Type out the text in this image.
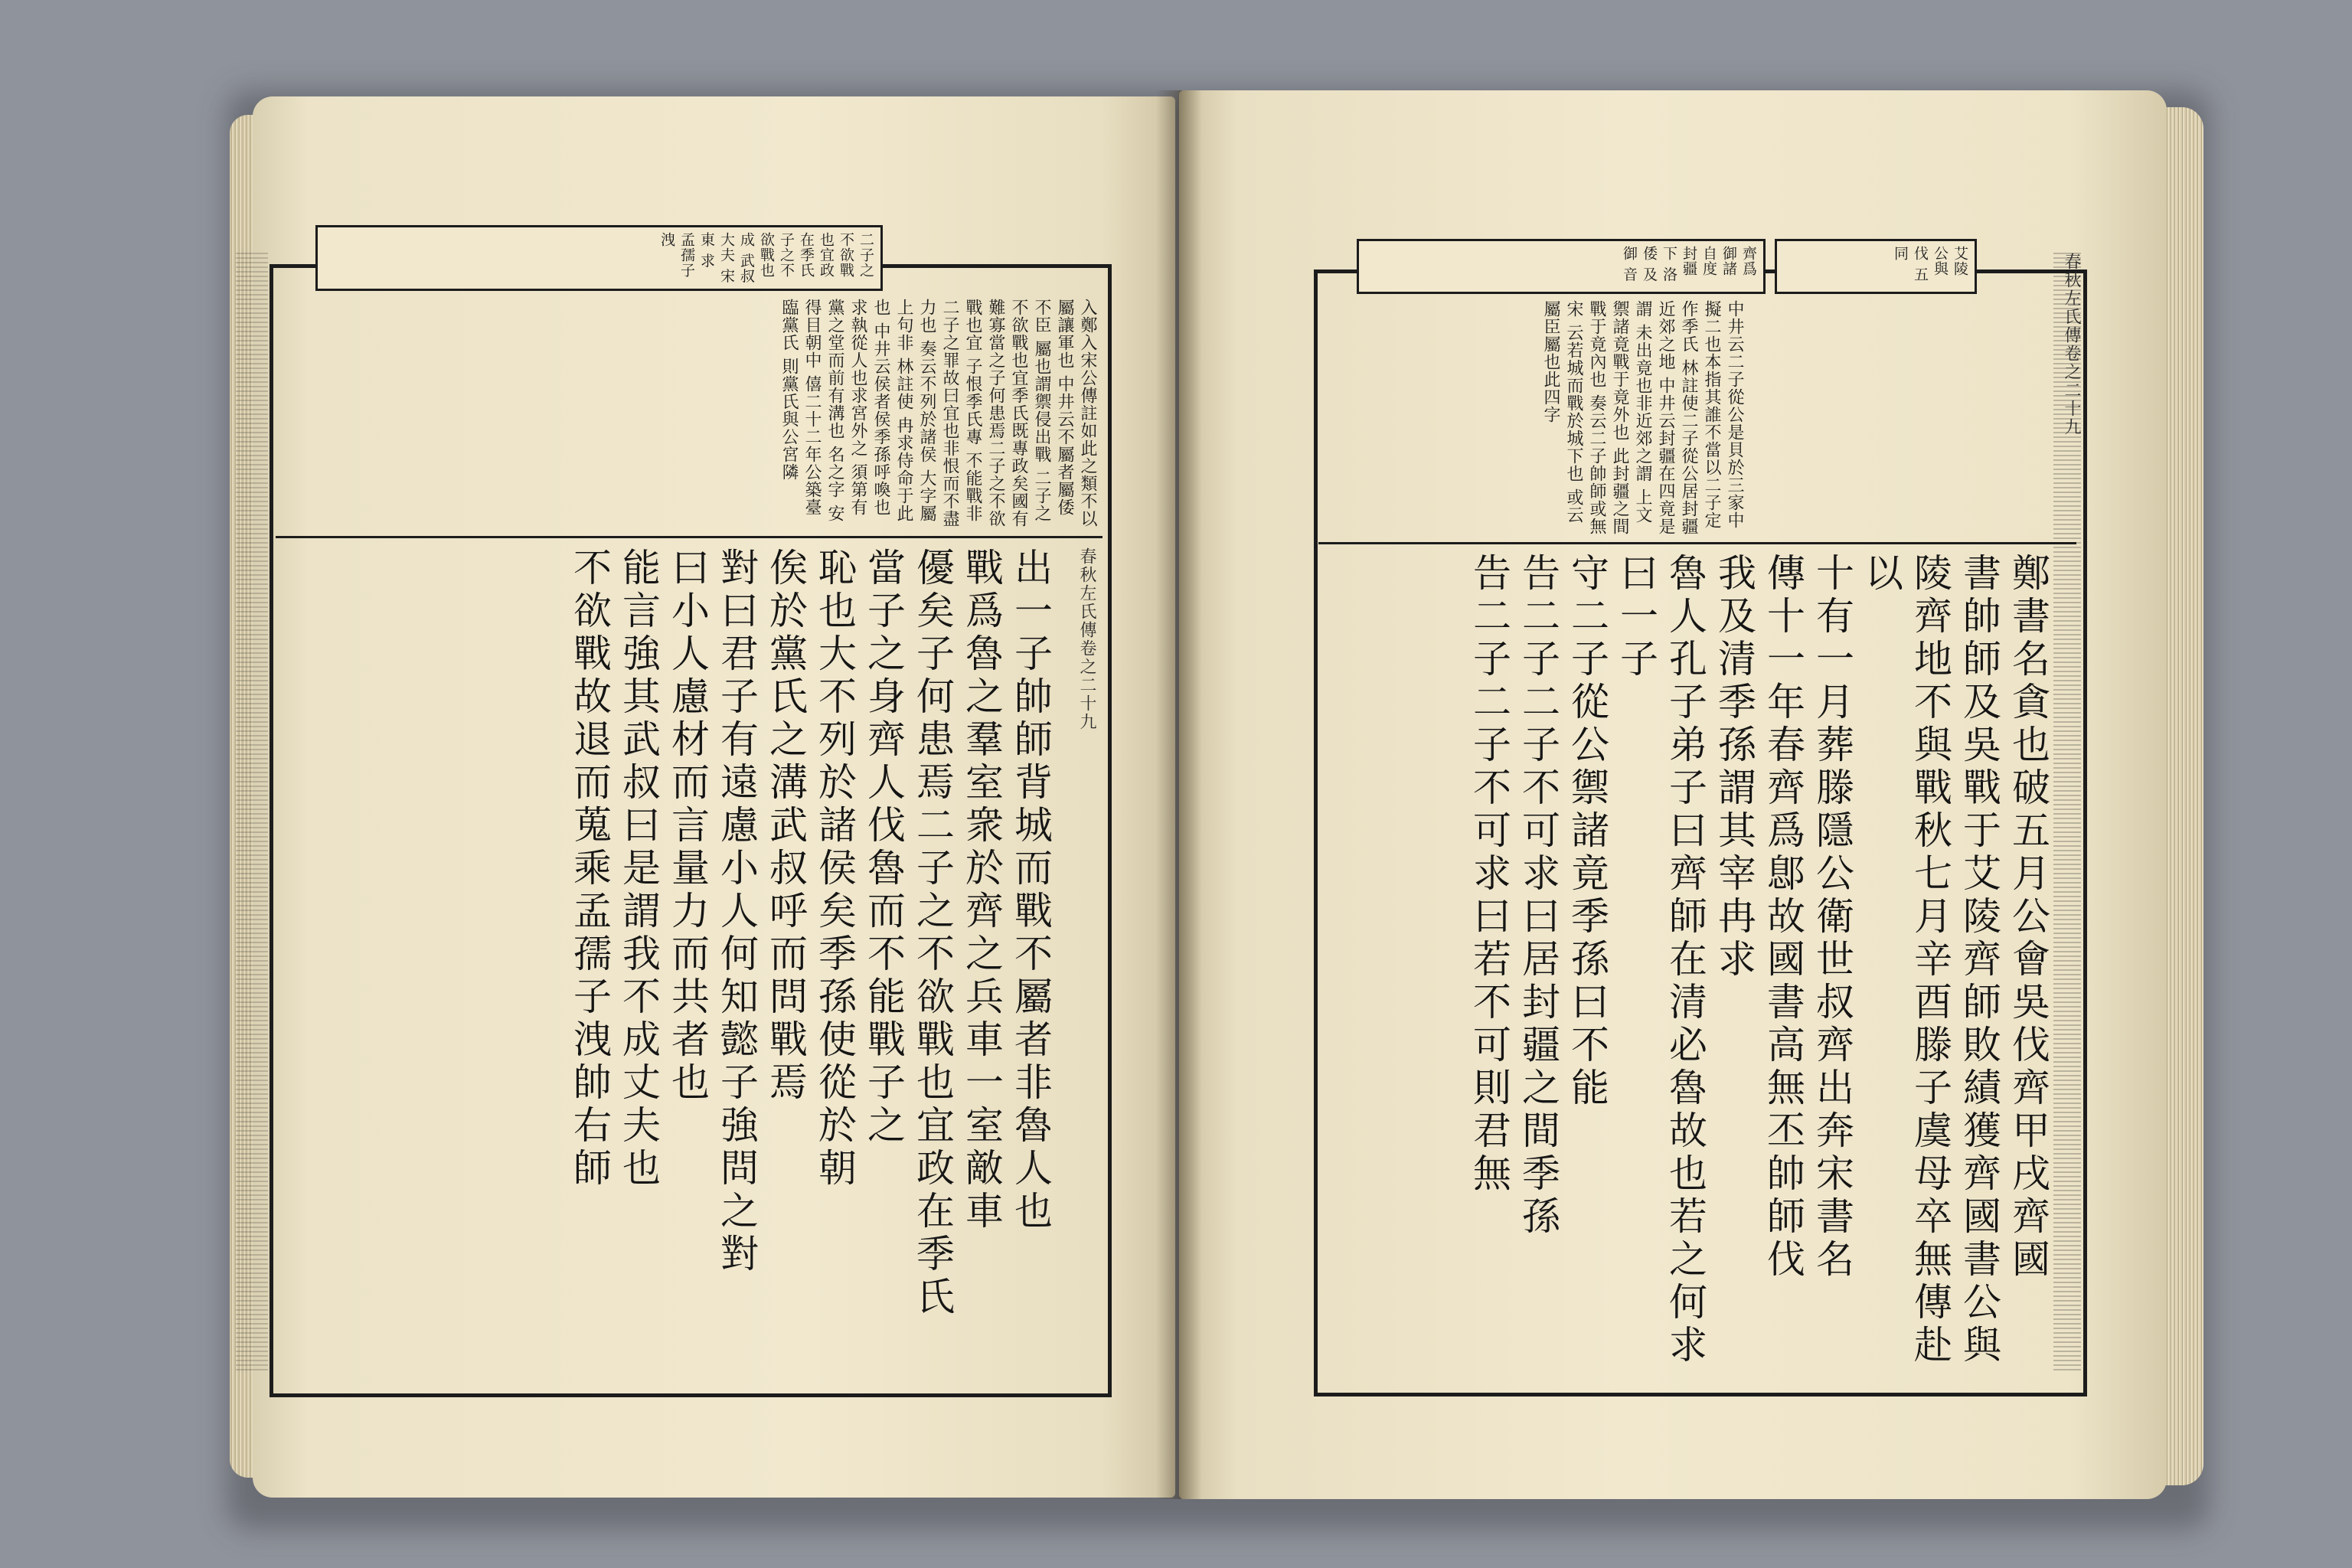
二子之不欲戰也宜政在季氏 子之不欲戰也 成 武叔 大夫 宋 東 求 孟孺子洩
入鄭入宋公傳註如此之類不以屬讓軍也 中井云不屬者屬倭不臣 屬也謂禦侵出戰 二子之不欲戰也宜季氏既專政矣國有難寡當之子何患焉二子之不欲戰也宜 子恨季氏專 不能戰非二子之罪故曰宜也非恨而不盡力也 奏云不列於諸侯 大字屬上句非 林註使 冉求侍命于此也 中井云侯者侯季孫呼喚也求執從人也求宮外之 須第有黨之堂而前有溝也 名之字 安得目朝中 僖二十二年公築臺臨黨氏 則黨氏與公宮隣
出一子帥師背城而戰不屬者非魯人也
戰爲魯之羣室衆於齊之兵車一室敵車
優矣子何患焉二子之不欲戰也宜政在季氏
當子之身齊人伐魯而不能戰子之
恥也大不列於諸侯矣季孫使從於朝
俟於黨氏之溝武叔呼而問戰焉
對曰君子有遠慮小人何知懿子強問之對
曰小人慮材而言量力而共者也
能言強其武叔曰是謂我不成丈夫也
不欲戰故退而蒐乘孟孺子洩帥右師	春秋左氏傳卷之二十九
齊爲 御諸 自度 封疆 下 洛 倭 及 御 音	艾陵 公與 伐 五 同
中井云二子從公是貝於三家中擬二也本指其誰不當以二子定 作季氏 林註使二子從公居封疆 近郊之地 中井云封疆在四竟是謂 未出竟也非近郊之謂 上文禦諸竟戰于竟外也 此封疆之間戰于竟內也 奏云二子帥師或無宋 云若城而戰於城下也 或云屬臣屬也此四字
鄭書名貪也破五月公會吳伐齊甲戌齊國
書帥師及吳戰于艾陵齊師敗績獲齊國書公與
陵齊地不與戰秋七月辛酉滕子虞母卒無傳赴以
十有一月葬滕隱公衛世叔齊出奔宋書名
傳十一年春齊爲鄎故國書高無丕帥師伐
我及清季孫謂其宰冉求
魯人孔子弟子曰齊師在清必魯故也若之何求曰一子
守二子從公禦諸竟季孫曰不能
告二子二子不可求曰居封疆之間季孫
告二子二子不可求曰若不可則君無
春秋左氏傳卷之二十九
